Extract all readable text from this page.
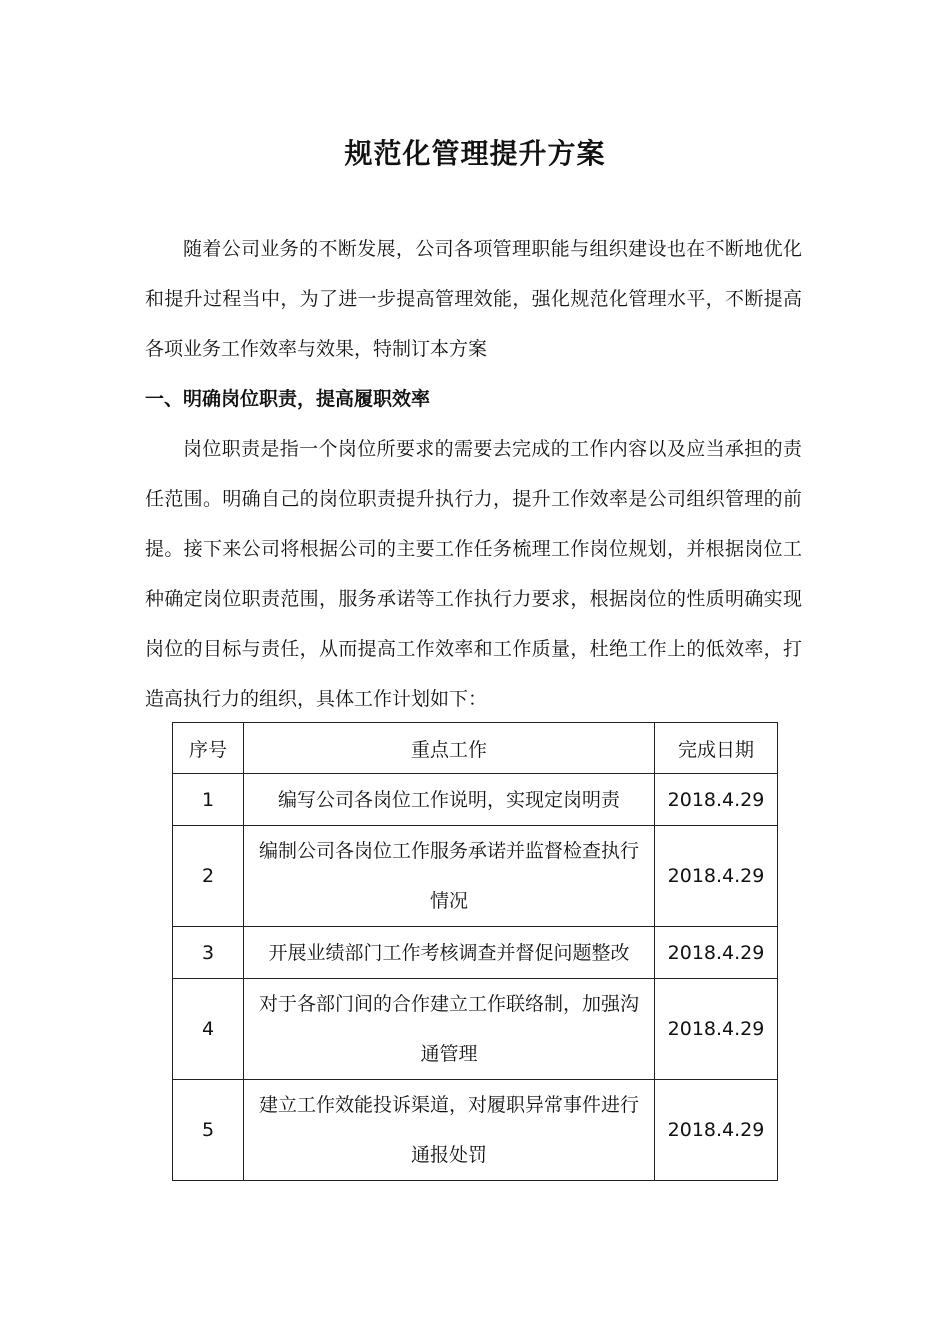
规范化管理提升方案

随着公司业务的不断发展，公司各项管理职能与组织建设也在不断地优化和提升过程当中，为了进一步提高管理效能，强化规范化管理水平，不断提高各项业务工作效率与效果，特制订本方案

一、明确岗位职责，提高履职效率

岗位职责是指一个岗位所要求的需要去完成的工作内容以及应当承担的责任范围。明确自己的岗位职责提升执行力，提升工作效率是公司组织管理的前提。接下来公司将根据公司的主要工作任务梳理工作岗位规划，并根据岗位工种确定岗位职责范围，服务承诺等工作执行力要求，根据岗位的性质明确实现岗位的目标与责任，从而提高工作效率和工作质量，杜绝工作上的低效率，打造高执行力的组织，具体工作计划如下：

序号	重点工作	完成日期
1	编写公司各岗位工作说明，实现定岗明责	2018.4.29
2	编制公司各岗位工作服务承诺并监督检查执行情况	2018.4.29
3	开展业绩部门工作考核调查并督促问题整改	2018.4.29
4	对于各部门间的合作建立工作联络制，加强沟通管理	2018.4.29
5	建立工作效能投诉渠道，对履职异常事件进行通报处罚	2018.4.29
